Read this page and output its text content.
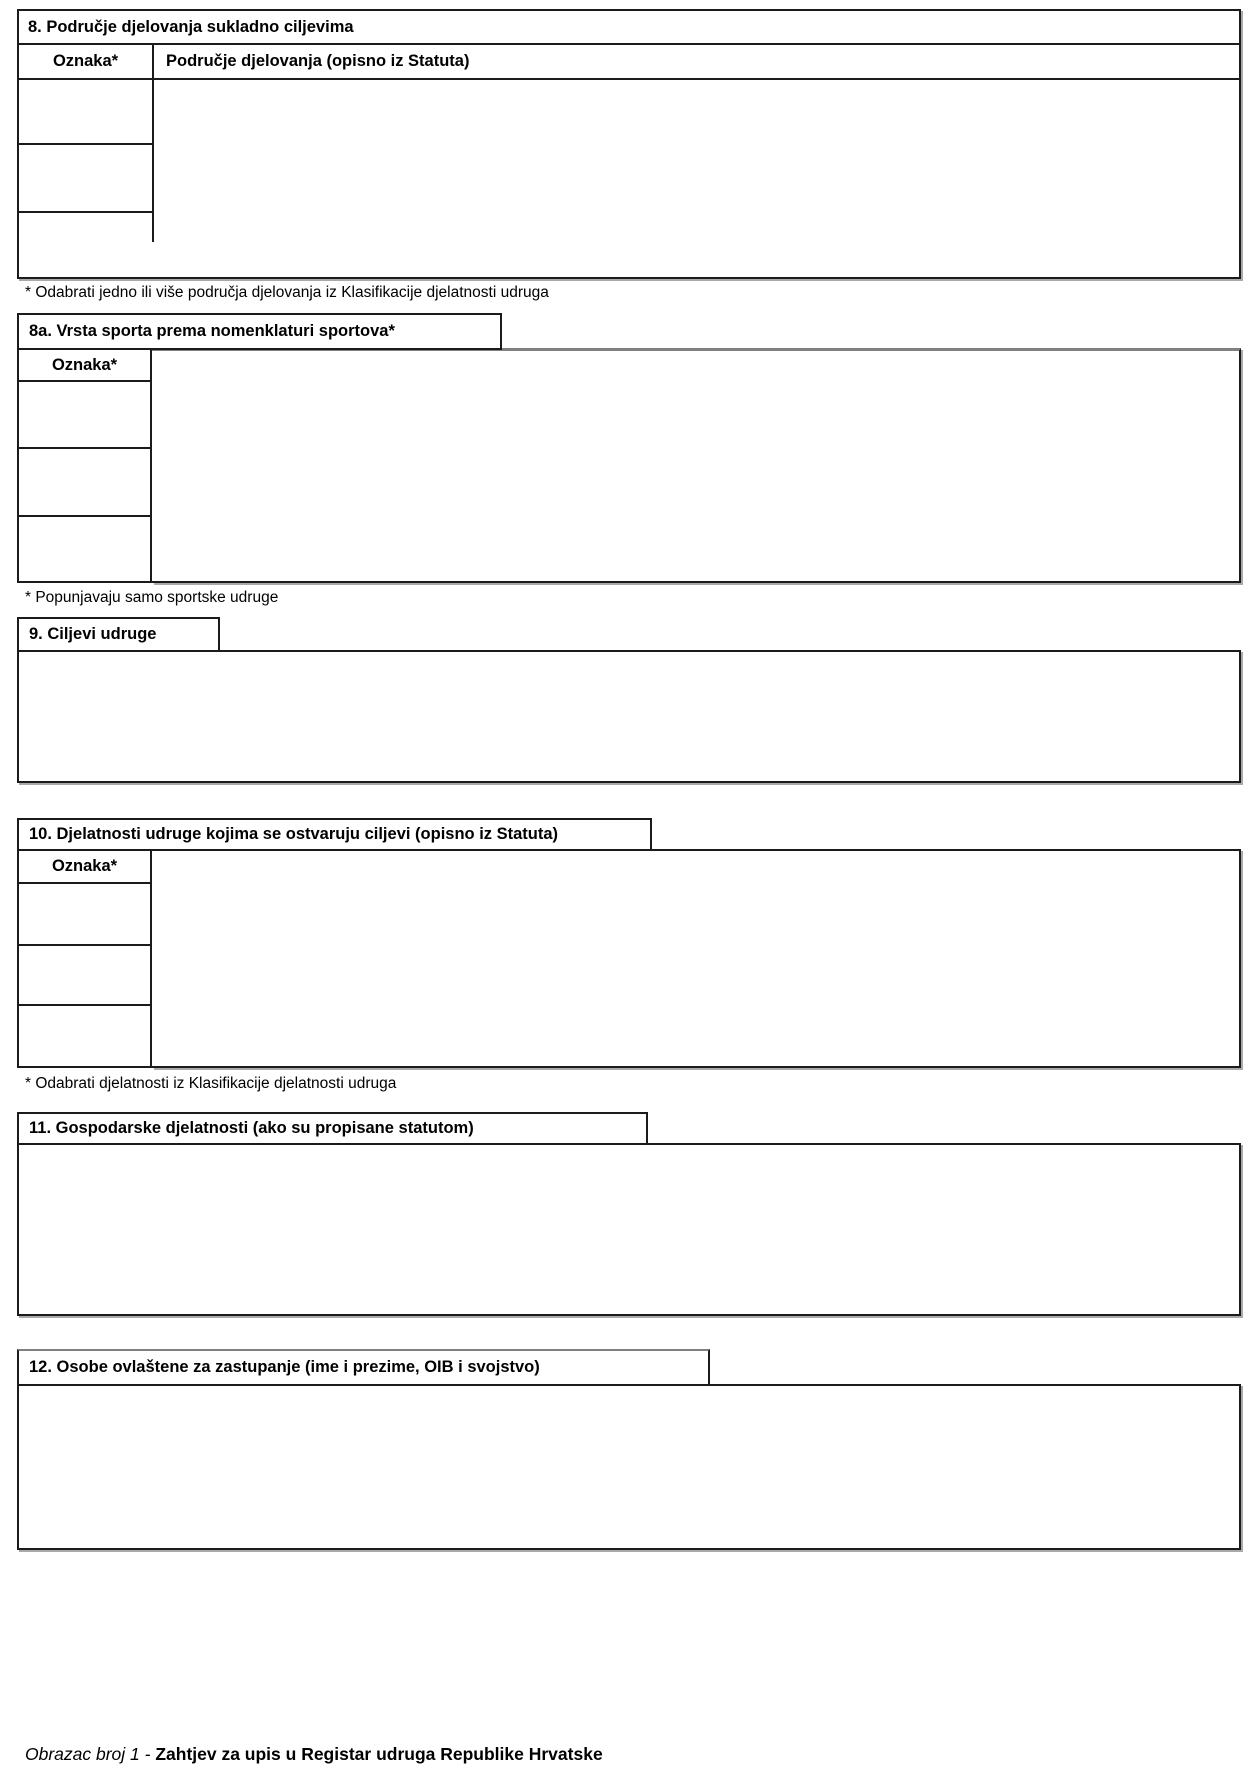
8. Područje djelovanja sukladno ciljevima
Oznaka*	Područje djelovanja (opisno iz Statuta)
* Odabrati jedno ili više područja djelovanja iz Klasifikacije djelatnosti udruga
Oznaka*
8a. Vrsta sporta prema nomenklaturi sportova*
* Popunjavaju samo sportske udruge
9. Ciljevi udruge
Oznaka*
10. Djelatnosti udruge kojima se ostvaruju ciljevi (opisno iz Statuta)
* Odabrati djelatnosti iz Klasifikacije djelatnosti udruga
11. Gospodarske djelatnosti (ako su propisane statutom)
12. Osobe ovlaštene za zastupanje (ime i prezime, OIB i svojstvo)
Obrazac broj 1 - Zahtjev za upis u Registar udruga Republike Hrvatske
